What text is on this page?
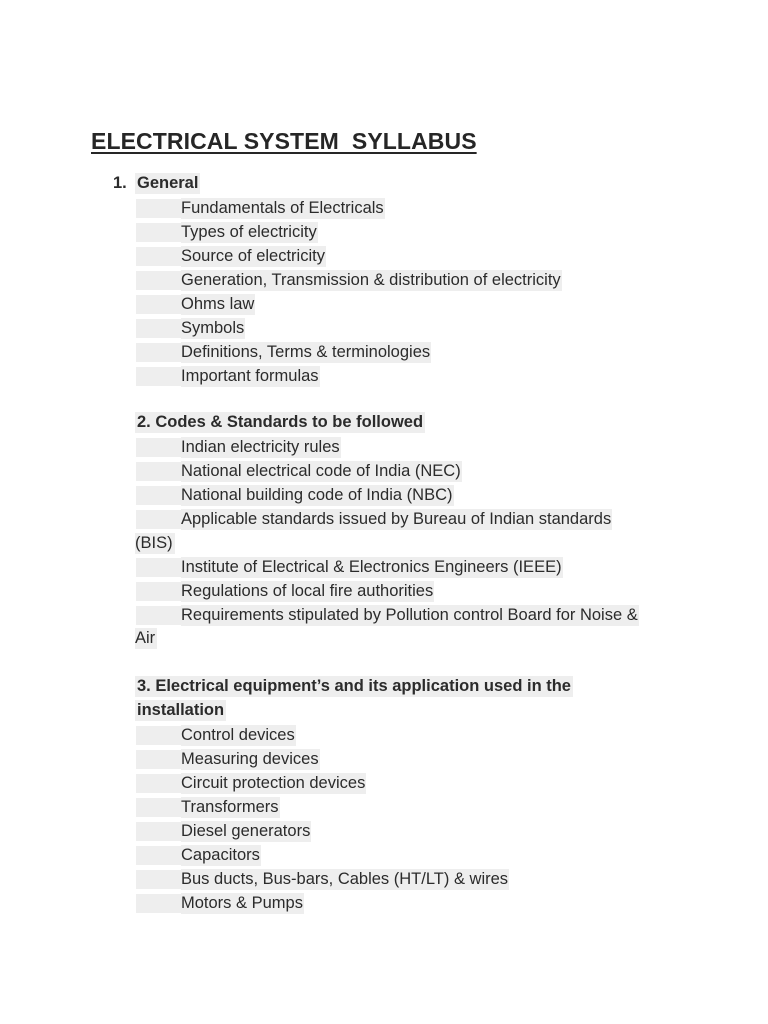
ELECTRICAL SYSTEM  SYLLABUS
1. General
Fundamentals of Electricals
Types of electricity
Source of electricity
Generation, Transmission & distribution of electricity
Ohms law
Symbols
Definitions, Terms & terminologies
Important formulas
2. Codes & Standards to be followed
Indian electricity rules
National electrical code of India (NEC)
National building code of India (NBC)
Applicable standards issued by Bureau of Indian standards
(BIS)
Institute of Electrical & Electronics Engineers (IEEE)
Regulations of local fire authorities
Requirements stipulated by Pollution control Board for Noise &
Air
3. Electrical equipment’s and its application used in the
installation
Control devices
Measuring devices
Circuit protection devices
Transformers
Diesel generators
Capacitors
Bus ducts, Bus-bars, Cables (HT/LT) & wires
Motors & Pumps
